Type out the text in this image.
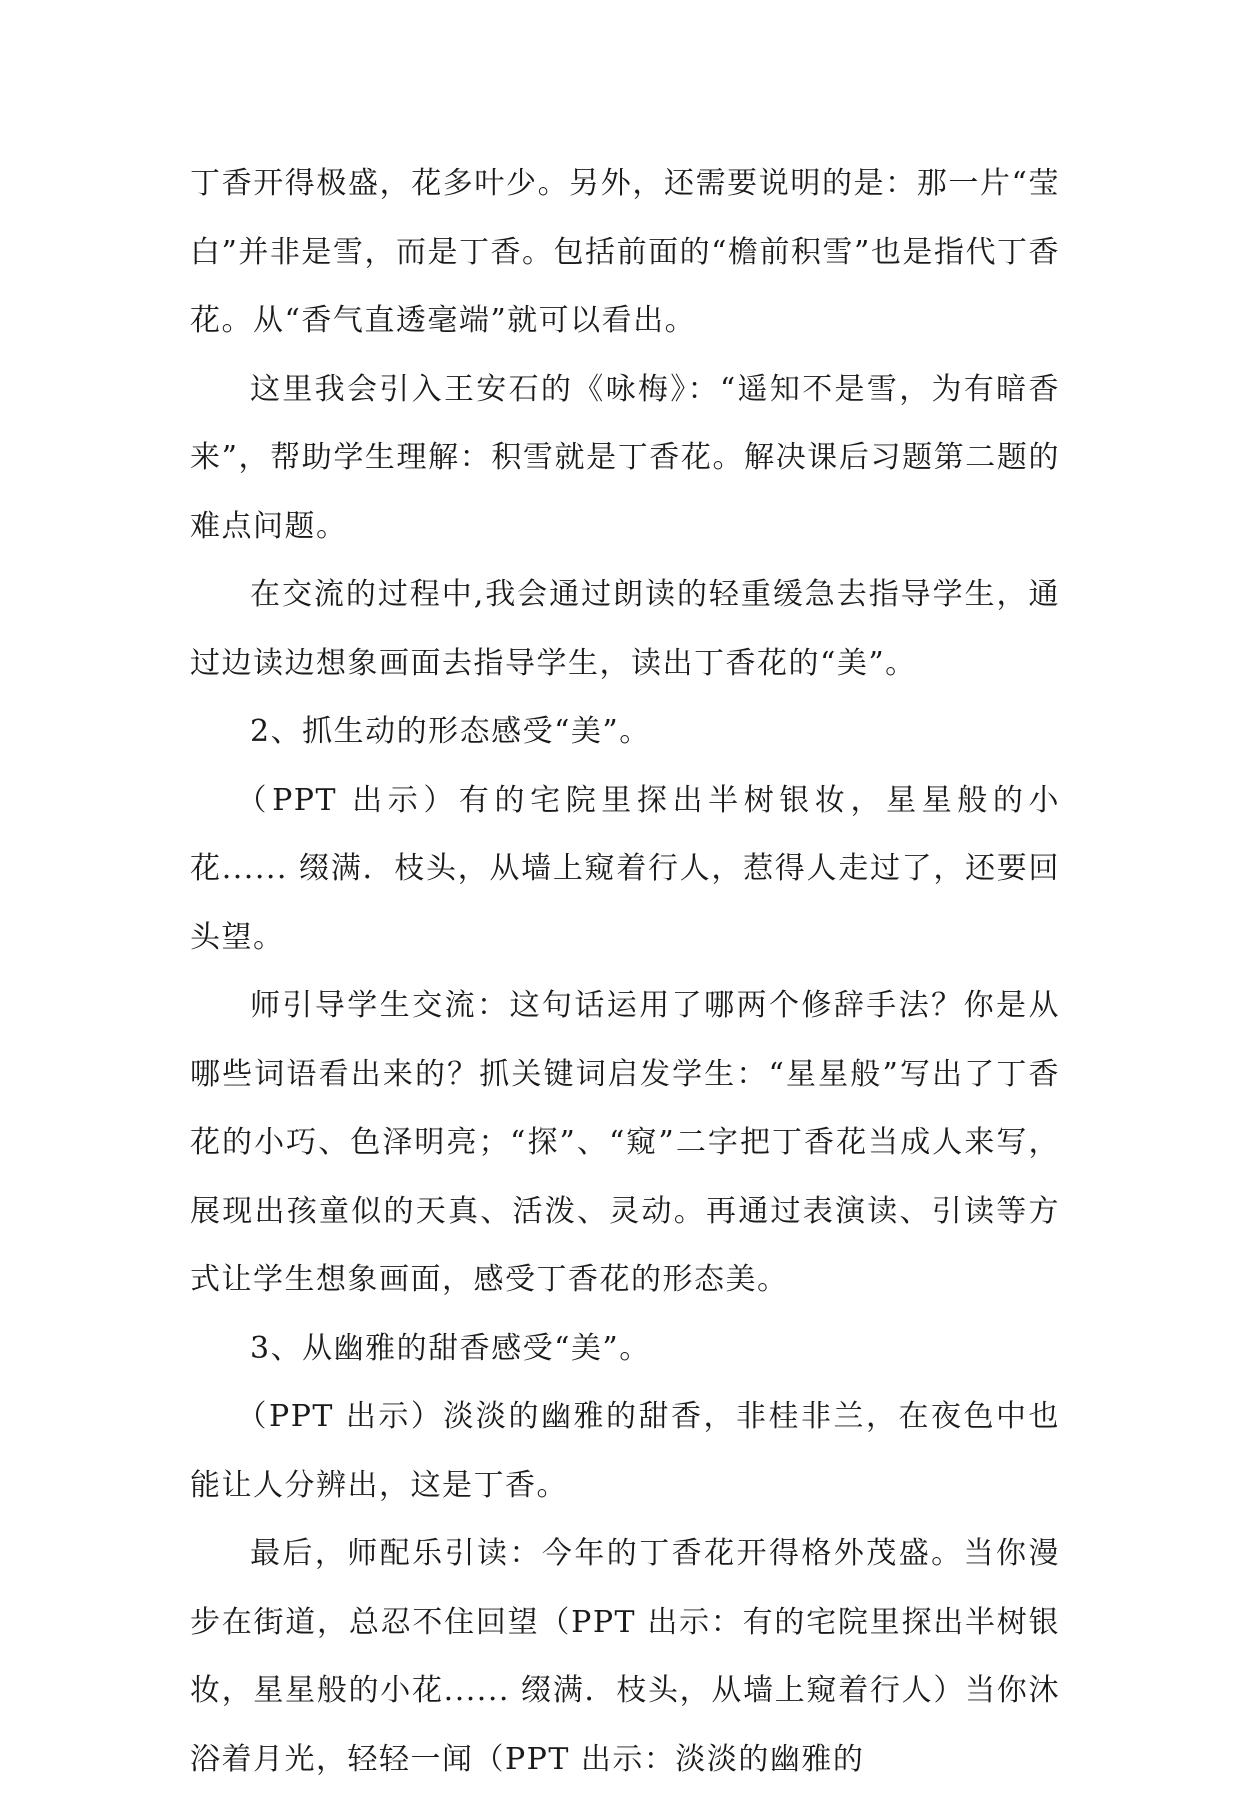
丁香开得极盛，花多叶少。另外，还需要说明的是：那一片“莹白”并非是雪，而是丁香。包括前面的“檐前积雪”也是指代丁香花。从“香气直透毫端”就可以看出。

这里我会引入王安石的《咏梅》：“遥知不是雪，为有暗香来”，帮助学生理解：积雪就是丁香花。解决课后习题第二题的难点问题。

在交流的过程中,我会通过朗读的轻重缓急去指导学生，通过边读边想象画面去指导学生，读出丁香花的“美”。

2、抓生动的形态感受“美”。

（PPT 出示）有的宅院里探出半树银妆，星星般的小花...... 缀满．枝头，从墙上窥着行人，惹得人走过了，还要回头望。

师引导学生交流：这句话运用了哪两个修辞手法？你是从哪些词语看出来的？抓关键词启发学生：“星星般”写出了丁香花的小巧、色泽明亮；“探”、“窥”二字把丁香花当成人来写，展现出孩童似的天真、活泼、灵动。再通过表演读、引读等方式让学生想象画面，感受丁香花的形态美。

3、从幽雅的甜香感受“美”。

（PPT 出示）淡淡的幽雅的甜香，非桂非兰，在夜色中也能让人分辨出，这是丁香。

最后，师配乐引读：今年的丁香花开得格外茂盛。当你漫步在街道，总忍不住回望（PPT 出示：有的宅院里探出半树银妆，星星般的小花...... 缀满．枝头，从墙上窥着行人）当你沐浴着月光，轻轻一闻（PPT 出示：淡淡的幽雅的
